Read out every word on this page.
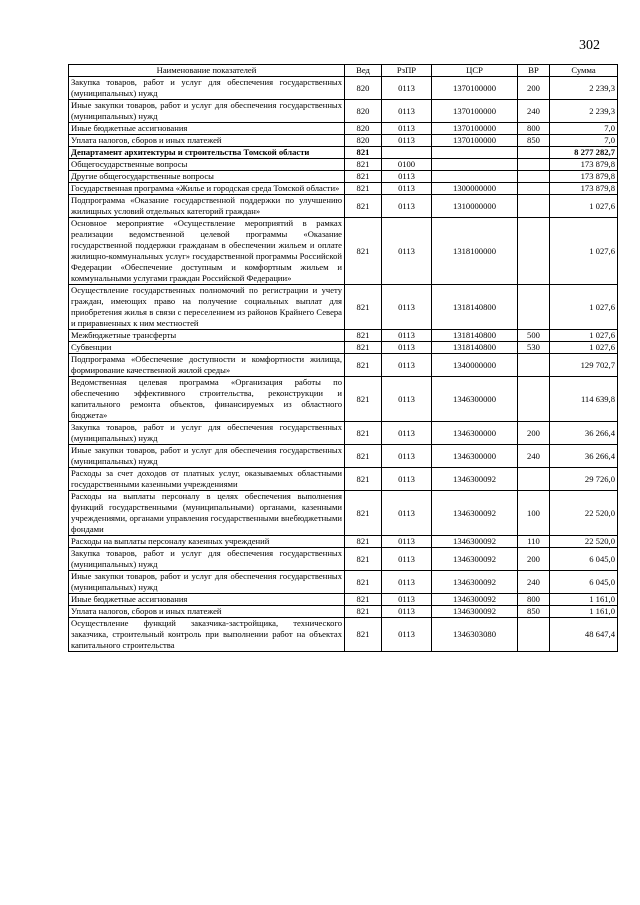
302
Наименование показателей	Вед	РзПР	ЦСР	ВР	Сумма
Закупка товаров, работ и услуг для обеспечения государственных (муниципальных) нужд	820	0113	1370100000	200	2 239,3
Иные закупки товаров, работ и услуг для обеспечения государственных (муниципальных) нужд	820	0113	1370100000	240	2 239,3
Иные бюджетные ассигнования	820	0113	1370100000	800	7,0
Уплата налогов, сборов и иных платежей	820	0113	1370100000	850	7,0
Департамент архитектуры и строительства Томской области	821				8 277 282,7
Общегосударственные вопросы	821	0100			173 879,8
Другие общегосударственные вопросы	821	0113			173 879,8
Государственная программа «Жилье и городская среда Томской области»	821	0113	1300000000		173 879,8
Подпрограмма «Оказание государственной поддержки по улучшению жилищных условий отдельных категорий граждан»	821	0113	1310000000		1 027,6
Основное мероприятие «Осуществление мероприятий в рамках реализации ведомственной целевой программы «Оказание государственной поддержки гражданам в обеспечении жильем и оплате жилищно-коммунальных услуг» государственной программы Российской Федерации «Обеспечение доступным и комфортным жильем и коммунальными услугами граждан Российской Федерации»	821	0113	1318100000		1 027,6
Осуществление государственных полномочий по регистрации и учету граждан, имеющих право на получение социальных выплат для приобретения жилья в связи с переселением из районов Крайнего Севера и приравненных к ним местностей	821	0113	1318140800		1 027,6
Межбюджетные трансферты	821	0113	1318140800	500	1 027,6
Субвенции	821	0113	1318140800	530	1 027,6
Подпрограмма «Обеспечение доступности и комфортности жилища, формирование качественной жилой среды»	821	0113	1340000000		129 702,7
Ведомственная целевая программа «Организация работы по обеспечению эффективного строительства, реконструкции и капитального ремонта объектов, финансируемых из областного бюджета»	821	0113	1346300000		114 639,8
Закупка товаров, работ и услуг для обеспечения государственных (муниципальных) нужд	821	0113	1346300000	200	36 266,4
Иные закупки товаров, работ и услуг для обеспечения государственных (муниципальных) нужд	821	0113	1346300000	240	36 266,4
Расходы за счет доходов от платных услуг, оказываемых областными государственными казенными учреждениями	821	0113	1346300092		29 726,0
Расходы на выплаты персоналу в целях обеспечения выполнения функций государственными (муниципальными) органами, казенными учреждениями, органами управления государственными внебюджетными фондами	821	0113	1346300092	100	22 520,0
Расходы на выплаты персоналу казенных учреждений	821	0113	1346300092	110	22 520,0
Закупка товаров, работ и услуг для обеспечения государственных (муниципальных) нужд	821	0113	1346300092	200	6 045,0
Иные закупки товаров, работ и услуг для обеспечения государственных (муниципальных) нужд	821	0113	1346300092	240	6 045,0
Иные бюджетные ассигнования	821	0113	1346300092	800	1 161,0
Уплата налогов, сборов и иных платежей	821	0113	1346300092	850	1 161,0
Осуществление функций заказчика-застройщика, технического заказчика, строительный контроль при выполнении работ на объектах капитального строительства	821	0113	1346303080		48 647,4
